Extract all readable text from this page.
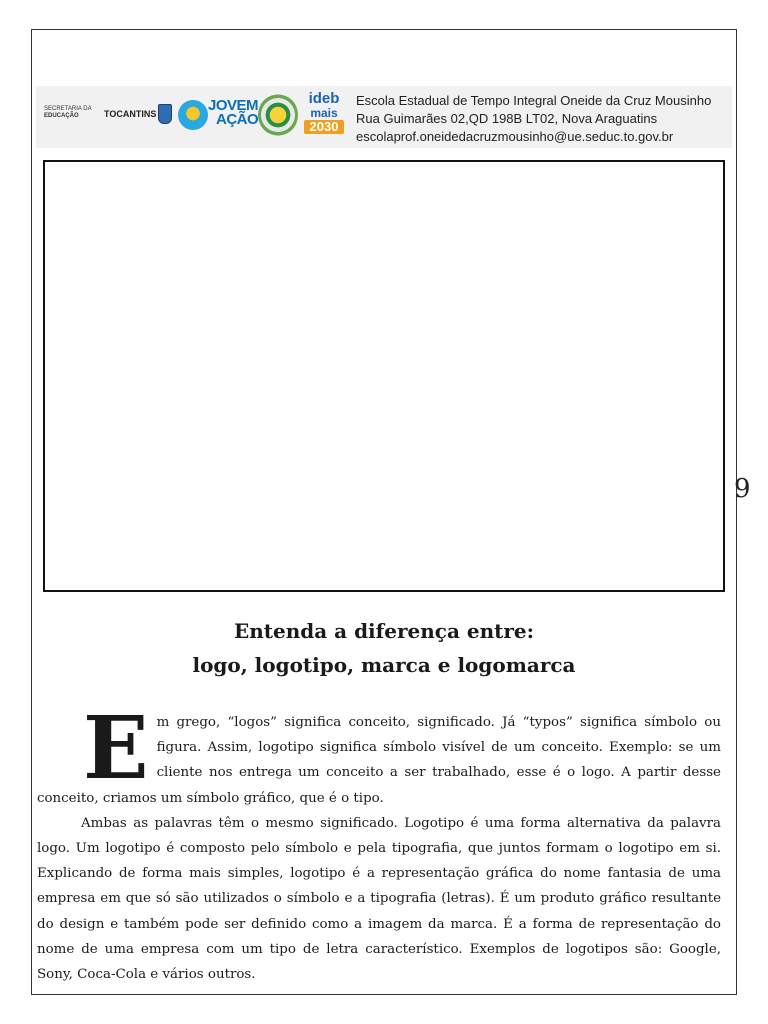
SECRETARIA DA
EDUCAÇÃO	TOCANTINS	JOVEM
AÇÃO
ideb
mais
2030
Escola Estadual de Tempo Integral Oneide da Cruz Mousinho
Rua Guimarães 02,QD 198B LT02, Nova Araguatins
escolaprof.oneidedacruzmousinho@ue.seduc.to.gov.br
9
Entenda a diferença entre:
logo, logotipo, marca e logomarca

Em grego, “logos” significa conceito, significado. Já “typos” significa símbolo ou figura. Assim, logotipo significa símbolo visível de um conceito. Exemplo: se um cliente nos entrega um conceito a ser trabalhado, esse é o logo. A partir desse conceito, criamos um símbolo gráfico, que é o tipo.

Ambas as palavras têm o mesmo significado. Logotipo é uma forma alternativa da palavra logo. Um logotipo é composto pelo símbolo e pela tipografia, que juntos formam o logotipo em si. Explicando de forma mais simples, logotipo é a representação gráfica do nome fantasia de uma empresa em que só são utilizados o símbolo e a tipografia (letras). É um produto gráfico resultante do design e também pode ser definido como a imagem da marca. É a forma de representação do nome de uma empresa com um tipo de letra característico. Exemplos de logotipos são: Google, Sony, Coca-Cola e vários outros.
